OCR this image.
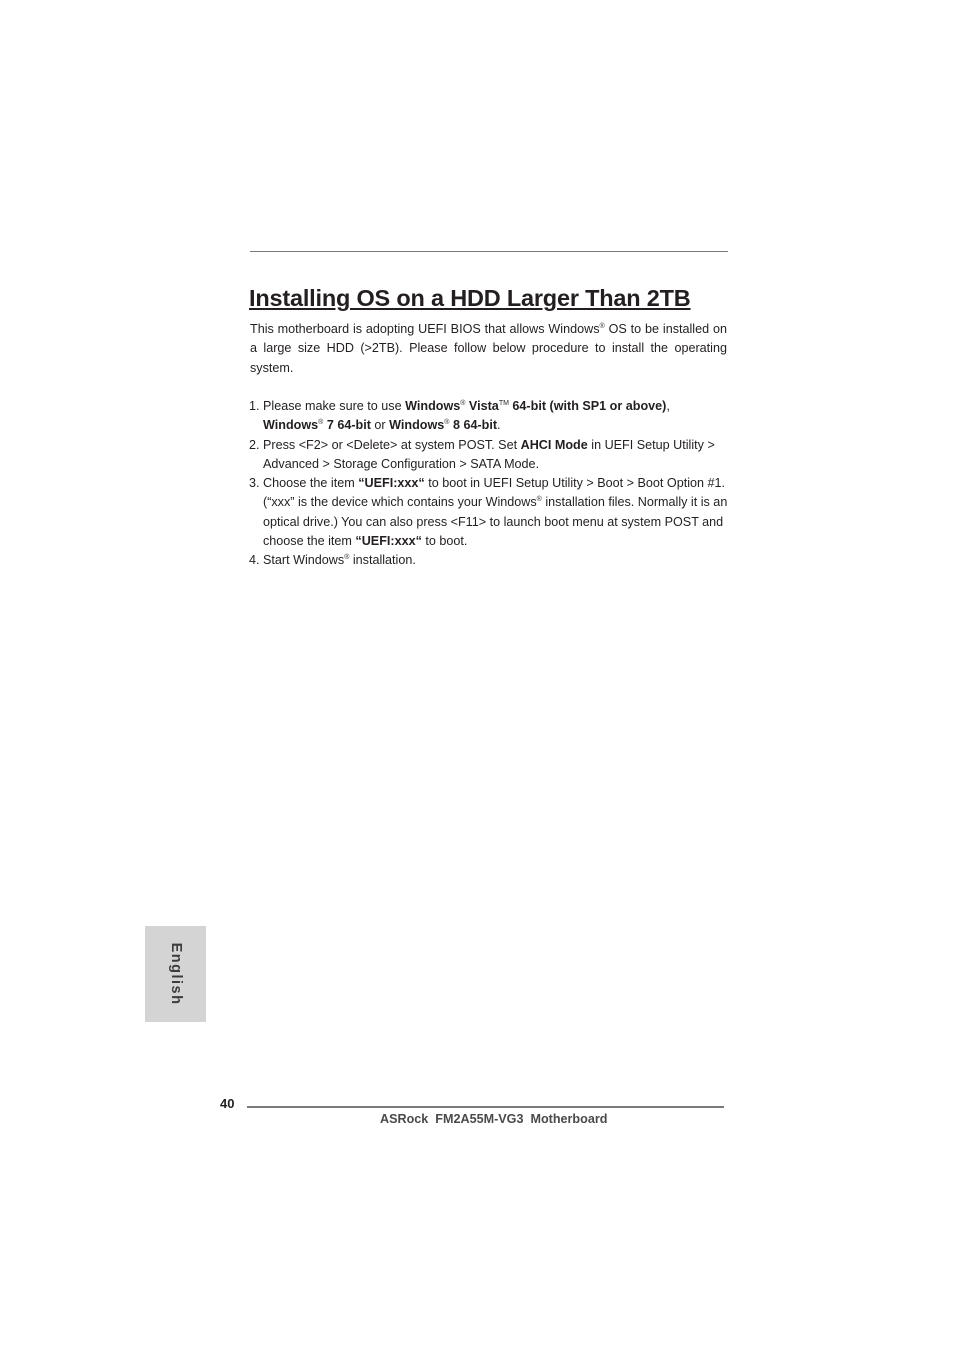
Installing OS on a HDD Larger Than 2TB

This motherboard is adopting UEFI BIOS that allows Windows® OS to be installed on a large size HDD (>2TB). Please follow below procedure to install the operating system.

1. Please make sure to use Windows® Vista™ 64-bit (with SP1 or above),
Windows® 7 64-bit or Windows® 8 64-bit.
2. Press <F2> or <Delete> at system POST. Set AHCI Mode in UEFI Setup Utility > Advanced > Storage Configuration > SATA Mode.
3. Choose the item “UEFI:xxx“ to boot in UEFI Setup Utility > Boot > Boot Option #1. (“xxx” is the device which contains your Windows® installation files. Normally it is an optical drive.) You can also press <F11> to launch boot menu at system POST and choose the item “UEFI:xxx“ to boot.
4. Start Windows® installation.
English
40
ASRock  FM2A55M-VG3  Motherboard
